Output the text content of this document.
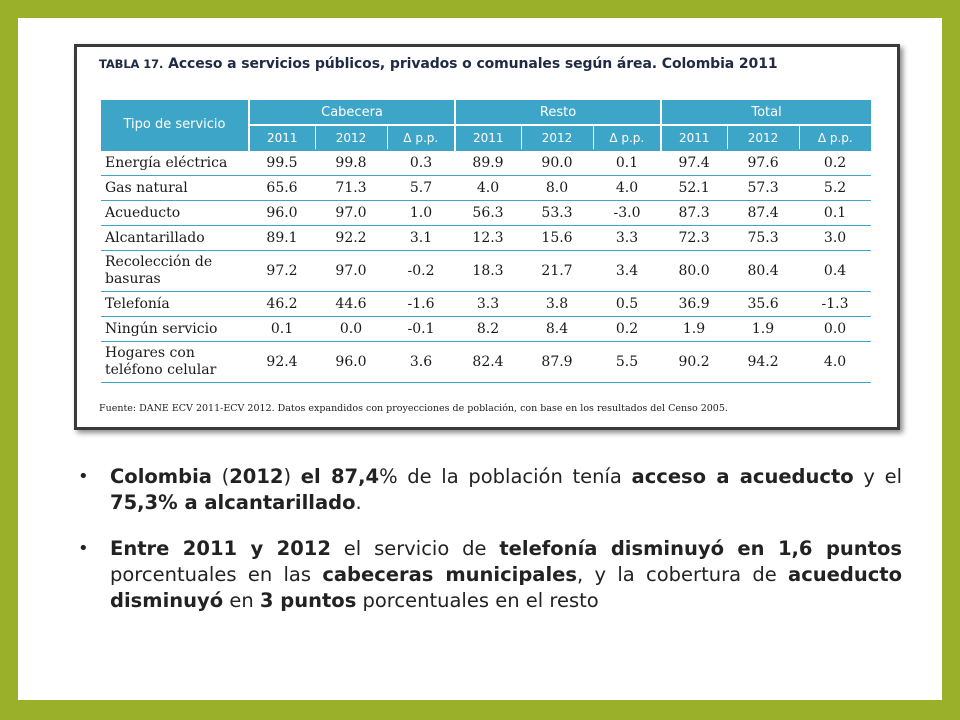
TABLA 17. Acceso a servicios públicos, privados o comunales según área. Colombia 2011
Tipo de servicio	Cabecera			Resto			Total		
	2011	2012	Δ p.p.	2011	2012	Δ p.p.	2011	2012	Δ p.p.
Energía eléctrica	99.5	99.8	0.3	89.9	90.0	0.1	97.4	97.6	0.2
Gas natural	65.6	71.3	5.7	4.0	8.0	4.0	52.1	57.3	5.2
Acueducto	96.0	97.0	1.0	56.3	53.3	-3.0	87.3	87.4	0.1
Alcantarillado	89.1	92.2	3.1	12.3	15.6	3.3	72.3	75.3	3.0
Recolección de basuras	97.2	97.0	-0.2	18.3	21.7	3.4	80.0	80.4	0.4
Telefonía	46.2	44.6	-1.6	3.3	3.8	0.5	36.9	35.6	-1.3
Ningún servicio	0.1	0.0	-0.1	8.2	8.4	0.2	1.9	1.9	0.0
Hogares con teléfono celular	92.4	96.0	3.6	82.4	87.9	5.5	90.2	94.2	4.0
Fuente: DANE ECV 2011-ECV 2012. Datos expandidos con proyecciones de población, con base en los resultados del Censo 2005.
• Colombia (2012) el 87,4% de la población tenía acceso a acueducto y el 75,3% a alcantarillado.
• Entre 2011 y 2012 el servicio de telefonía disminuyó en 1,6 puntos porcentuales en las cabeceras municipales, y la cobertura de acueducto disminuyó en 3 puntos porcentuales en el resto
